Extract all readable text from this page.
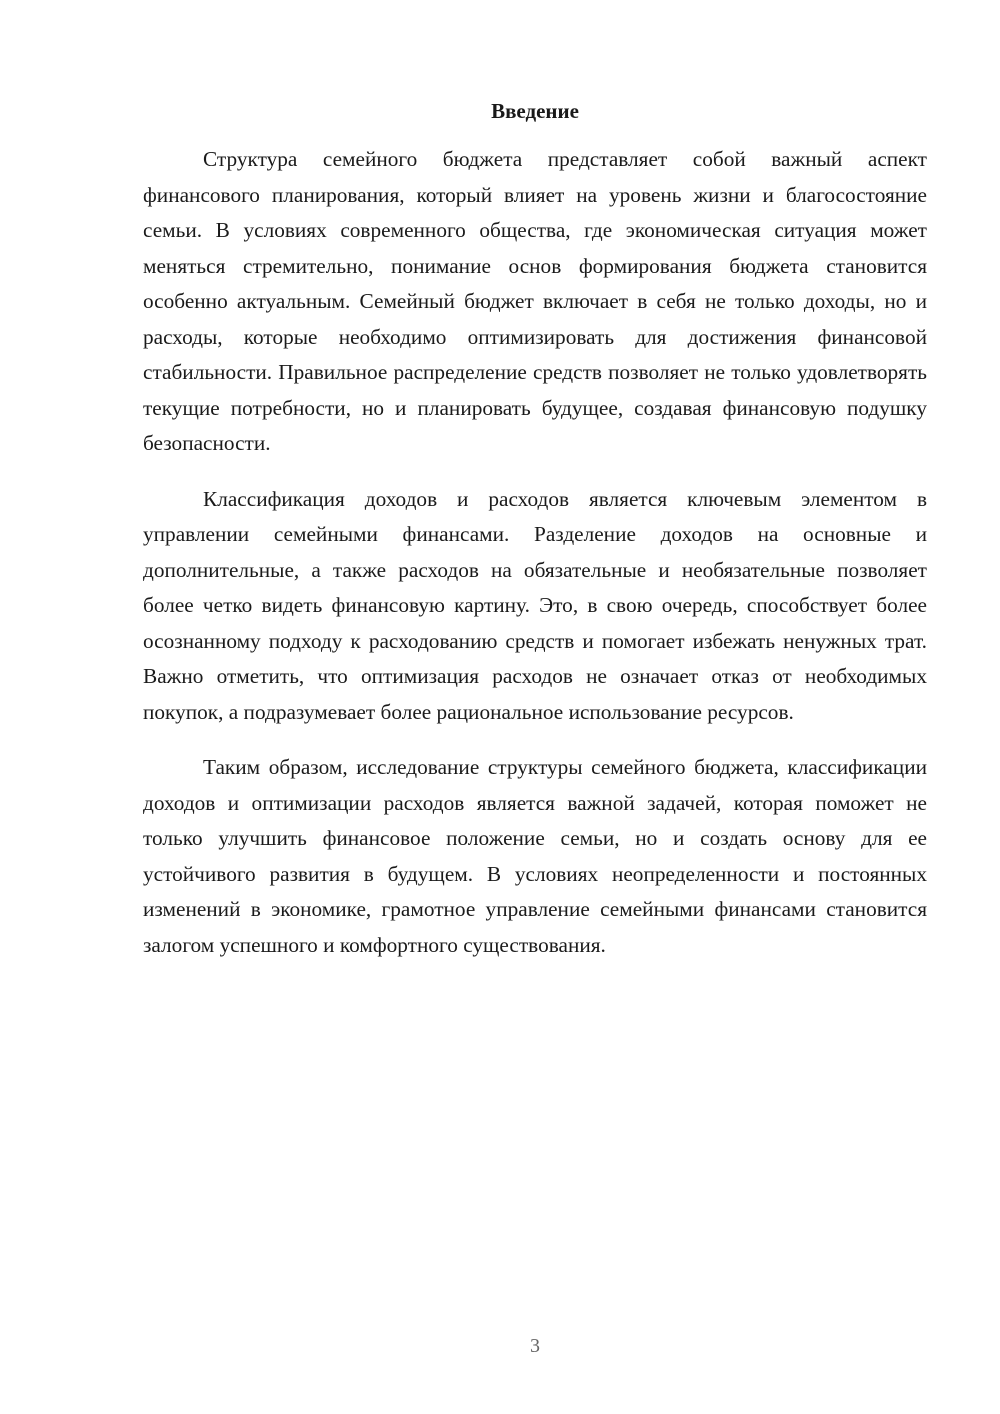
Введение

Структура семейного бюджета представляет собой важный аспект финансового планирования, который влияет на уровень жизни и благосостояние семьи. В условиях современного общества, где экономическая ситуация может меняться стремительно, понимание основ формирования бюджета становится особенно актуальным. Семейный бюджет включает в себя не только доходы, но и расходы, которые необходимо оптимизировать для достижения финансовой стабильности. Правильное распределение средств позволяет не только удовлетворять текущие потребности, но и планировать будущее, создавая финансовую подушку безопасности.

Классификация доходов и расходов является ключевым элементом в управлении семейными финансами. Разделение доходов на основные и дополнительные, а также расходов на обязательные и необязательные позволяет более четко видеть финансовую картину. Это, в свою очередь, способствует более осознанному подходу к расходованию средств и помогает избежать ненужных трат. Важно отметить, что оптимизация расходов не означает отказ от необходимых покупок, а подразумевает более рациональное использование ресурсов.

Таким образом, исследование структуры семейного бюджета, классификации доходов и оптимизации расходов является важной задачей, которая поможет не только улучшить финансовое положение семьи, но и создать основу для ее устойчивого развития в будущем. В условиях неопределенности и постоянных изменений в экономике, грамотное управление семейными финансами становится залогом успешного и комфортного существования.

3
